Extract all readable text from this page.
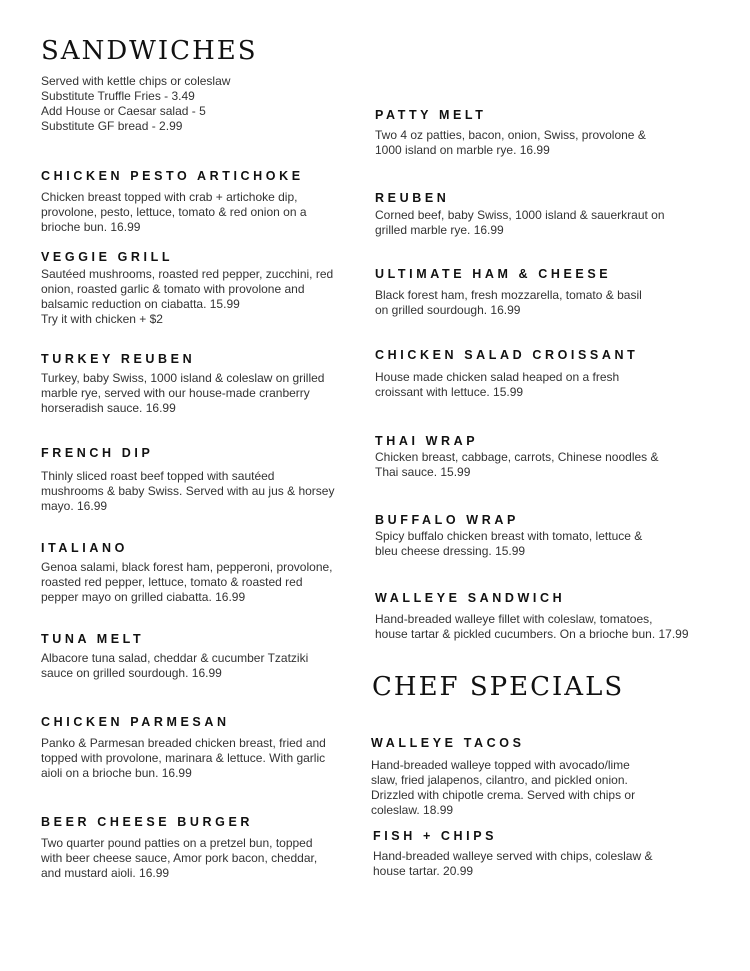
SANDWICHES
Served with kettle chips or coleslaw
Substitute Truffle Fries - 3.49
Add House or Caesar salad - 5
Substitute GF bread - 2.99

CHICKEN PESTO ARTICHOKE

Chicken breast topped with crab + artichoke dip,
provolone, pesto, lettuce, tomato & red onion on a
brioche bun. 16.99

VEGGIE GRILL

Sautéed mushrooms, roasted red pepper, zucchini, red
onion, roasted garlic & tomato with provolone and
balsamic reduction on ciabatta. 15.99
Try it with chicken + $2

TURKEY REUBEN

Turkey, baby Swiss, 1000 island & coleslaw on grilled
marble rye, served with our house-made cranberry
horseradish sauce. 16.99

FRENCH DIP

Thinly sliced roast beef topped with sautéed
mushrooms & baby Swiss. Served with au jus & horsey
mayo. 16.99

ITALIANO

Genoa salami, black forest ham, pepperoni, provolone,
roasted red pepper, lettuce, tomato & roasted red
pepper mayo on grilled ciabatta. 16.99

TUNA MELT

Albacore tuna salad, cheddar & cucumber Tzatziki
sauce on grilled sourdough. 16.99

CHICKEN PARMESAN

Panko & Parmesan breaded chicken breast, fried and
topped with provolone, marinara & lettuce. With garlic
aioli on a brioche bun. 16.99

BEER CHEESE BURGER

Two quarter pound patties on a pretzel bun, topped
with beer cheese sauce, Amor pork bacon, cheddar,
and mustard aioli. 16.99

PATTY MELT

Two 4 oz patties, bacon, onion, Swiss, provolone &
1000 island on marble rye. 16.99

REUBEN

Corned beef, baby Swiss, 1000 island & sauerkraut on
grilled marble rye. 16.99

ULTIMATE HAM & CHEESE

Black forest ham, fresh mozzarella, tomato & basil
on grilled sourdough. 16.99

CHICKEN SALAD CROISSANT

House made chicken salad heaped on a fresh
croissant with lettuce. 15.99

THAI WRAP

Chicken breast, cabbage, carrots, Chinese noodles &
Thai sauce. 15.99

BUFFALO WRAP

Spicy buffalo chicken breast with tomato, lettuce &
bleu cheese dressing. 15.99

WALLEYE SANDWICH

Hand-breaded walleye fillet with coleslaw, tomatoes,
house tartar & pickled cucumbers. On a brioche bun. 17.99

CHEF SPECIALS

WALLEYE TACOS

Hand-breaded walleye topped with avocado/lime
slaw, fried jalapenos, cilantro, and pickled onion.
Drizzled with chipotle crema. Served with chips or
coleslaw. 18.99

FISH + CHIPS

Hand-breaded walleye served with chips, coleslaw &
house tartar. 20.99
